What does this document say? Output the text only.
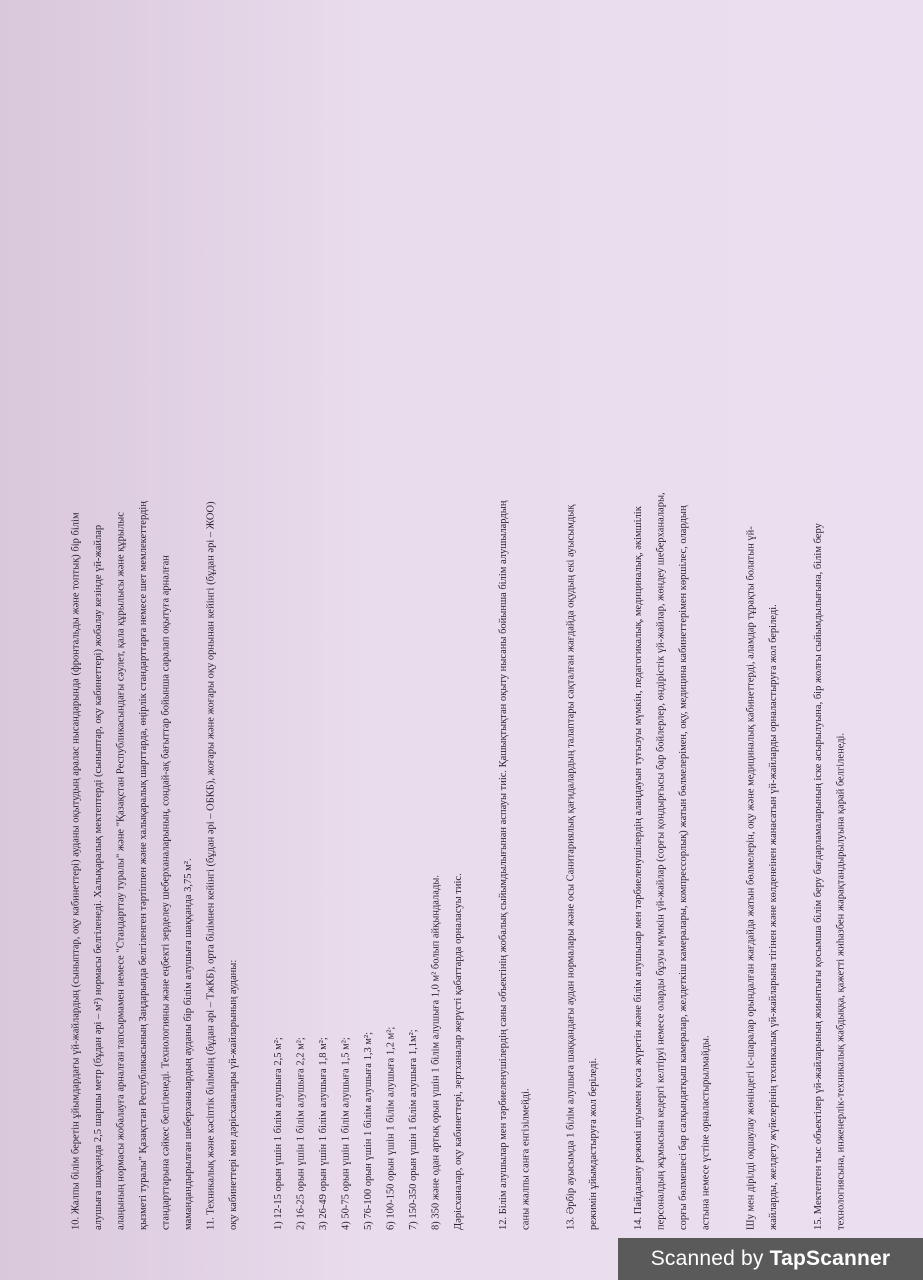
10. Жалпы білім беретін ұйымдардағы үй-жайлардың (сыныптар, оқу кабинеттері) ауданы оқытудың аралас нысандарында (фронтальды және топтық) бір білім алушыға шаққанда 2,5 шаршы метр (бұдан әрі – м²) нормасы белгіленеді. Халықаралық мектептерді (сыныптар, оқу кабинеттері) жобалау кезінде үй-жайлар алаңының нормасы жобалауға арналған тапсырмамен немесе "Стандарттау туралы" және "Қазақстан Республикасындағы сәулет, қала құрылысы және құрылыс қызметі туралы" Қазақстан Республикасының Заңдарында белгіленген тәртіппен және халықаралық шарттарда, өңірлік стандарттарға немесе шет мемлекеттердің стандарттарына сәйкес белгіленеді. Технологияны және еңбекті зерделеу шеберханаларының, сондай-ақ бағыттар бойынша саралап оқытуға арналған мамандандырылған шеберханалардың ауданы бір білім алушыға шаққанда 3,75 м². 11. Техникалық және кәсіптік білімнің (бұдан әрі – ТжКБ), орта білімнен кейінгі (бұдан әрі – ОБКБ), жоғары және жоғары оқу орнынан кейінгі (бұдан әрі – ЖОО) оқу кабинеттері мен дәрісханалары үй-жайларының ауданы:	1) 12-15 орын үшін 1 білім алушыға 2,5 м²; 2) 16-25 орын үшін 1 білім алушыға 2,2 м²; 3) 26-49 орын үшін 1 білім алушыға 1,8 м²; 4) 50-75 орын үшін 1 білім алушыға 1,5 м²; 5) 76-100 орын үшін 1 білім алушыға 1,3 м²; 6) 100-150 орын үшін 1 білім алушыға 1,2 м²; 7) 150-350 орын үшін 1 білім алушыға 1,1м²; 8) 350 және одан артық орын үшін 1 білім алушыға 1,0 м² болып айқындалады. Дәрісханалар, оқу кабинеттері, зертханалар жерүсті қабаттарда орналасуы тиіс.	12. Білім алушылар мен тәрбиеленушілердің саны объектінің жобалық сыйымдылығынан аспауы тиіс. Қашықтықтан оқыту нысаны бойынша білім алушылардың саны жалпы санға енгізілмейді.	13. Әрбір ауысымда 1 білім алушыға шаққандағы аудан нормалары және осы Санитариялық қағидалардың талаптары сақталған жағдайда оқудың екі ауысымдық режимін ұйымдастыруға жол беріледі.	14. Пайдалану режимі шуымен қоса жүретін және білім алушылар мен тәрбиеленушілердің алаңдауын туғызуы мүмкін, педагогикалық, медициналық, әкімшілік персоналдың жұмысына кедергі келтіруі немесе оларды бұзуы мүмкін үй-жайлар (сорғы қондырғысы бар бойлерлер, өндірістік үй-жайлар, жөндеу шеберханалары, сорғы бөлмешесі бар салқындатқыш камералар, желдеткіш камералары, компрессорлық) жатын бөлмелерімен, оқу, медицина кабинеттерімен көршілес, олардың астына немесе үстіне орналастырылмайды.	Шу мен дірілді оқшаулау жөніндегі іс-шаралар орындалған жағдайда жатын бөлмелерін, оқу және медициналық кабинеттерді, аламдар тұрақты болатын үй- жайларды, желдету жүйелерінің техникалық үй-жайларына тігінен және көлденеінен жанасатын үй-жайларды орналастыруға жол беріледі.	15. Мектептен тыс объектілер үй-жайларының жиынтығы қосымша білім беру бағдарламаларының іске асырылуына, бір жолғы сыйымдылығына, білім беру технологиясына, инженерлік-техникалық жабдыққа, қажетті жиһазбен жарақтандырылуына қарай белгіленеді.
Scanned by TapScanner
